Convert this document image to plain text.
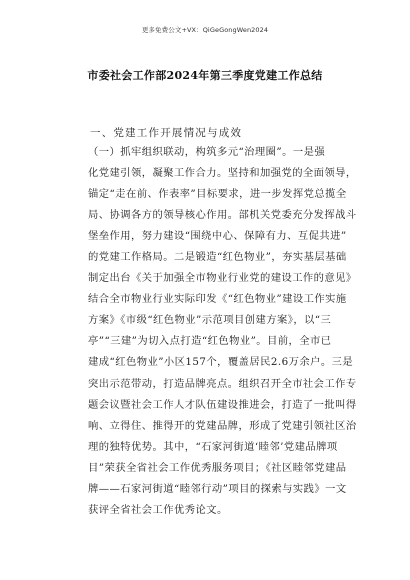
更多免费公文+VX：QiGeGongWen2024
市委社会工作部2024年第三季度党建工作总结
一、党建工作开展情况与成效
（一）抓牢组织联动，构筑多元“治理圈”。一是强
化党建引领，凝聚工作合力。坚持和加强党的全面领导，
锚定“走在前、作表率”目标要求，进一步发挥党总揽全
局、协调各方的领导核心作用。部机关党委充分发挥战斗
堡垒作用，努力建设“围绕中心、保障有力、互促共进”
的党建工作格局。二是锻造“红色物业”，夯实基层基础
制定出台《关于加强全市物业行业党的建设工作的意见》
结合全市物业行业实际印发《“红色物业”建设工作实施
方案》《市级“红色物业”示范项目创建方案》，以“三
亭”“三建”为切入点打造“红色物业”。目前，全市已
建成“红色物业”小区157个，覆盖居民2.6万余户。三是
突出示范带动，打造品牌亮点。组织召开全市社会工作专
题会议暨社会工作人才队伍建设推进会，打造了一批叫得
响、立得住、推得开的党建品牌，形成了党建引领社区治
理的独特优势。其中，“石家河街道‘睦邻’党建品牌项
目”荣获全省社会工作优秀服务项目；《社区睦邻党建品
牌——石家河街道“睦邻行动”项目的探索与实践》一文
获评全省社会工作优秀论文。
